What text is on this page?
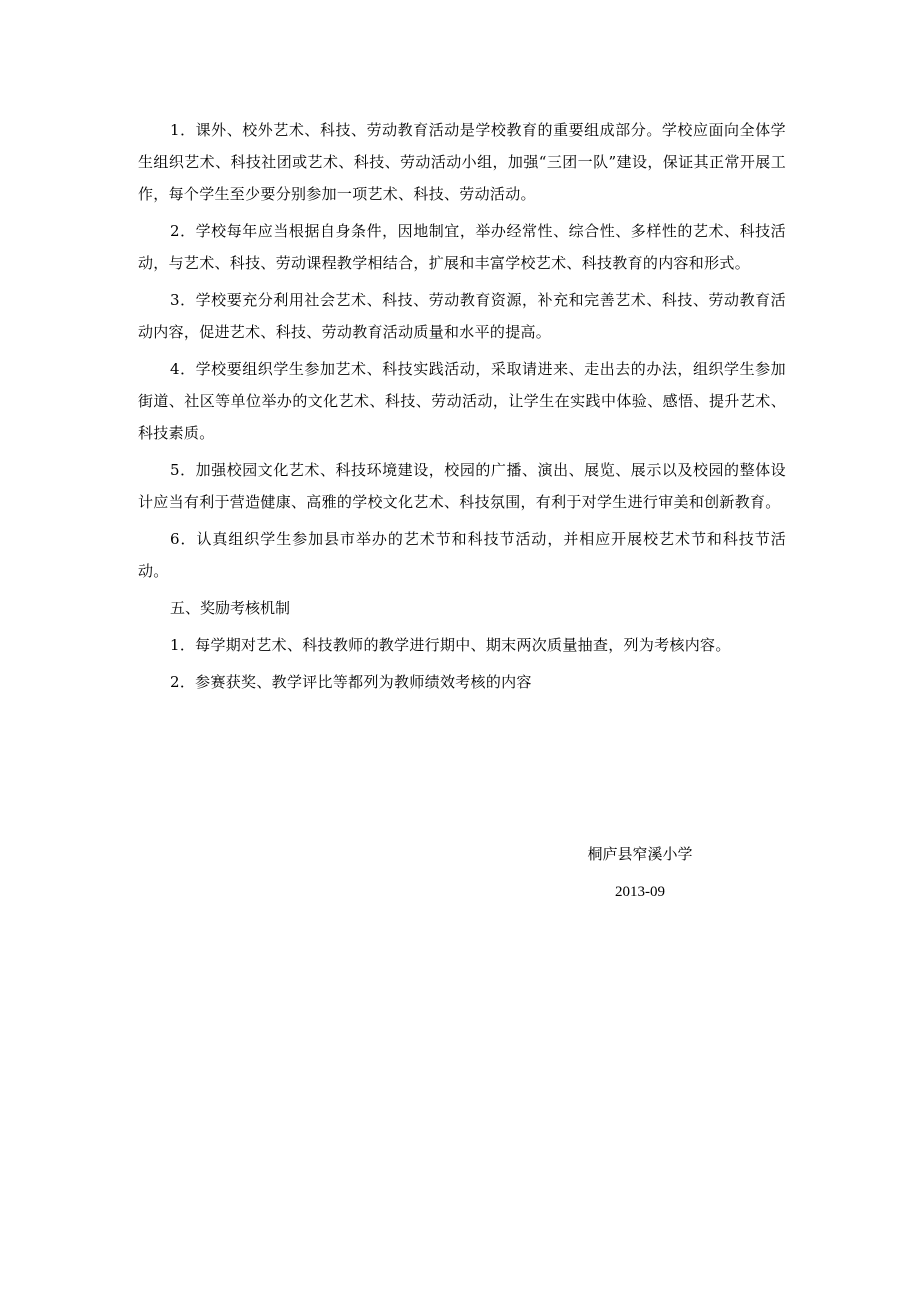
1．课外、校外艺术、科技、劳动教育活动是学校教育的重要组成部分。学校应面向全体学生组织艺术、科技社团或艺术、科技、劳动活动小组，加强“三团一队”建设，保证其正常开展工作，每个学生至少要分别参加一项艺术、科技、劳动活动。

2．学校每年应当根据自身条件，因地制宜，举办经常性、综合性、多样性的艺术、科技活动，与艺术、科技、劳动课程教学相结合，扩展和丰富学校艺术、科技教育的内容和形式。

3．学校要充分利用社会艺术、科技、劳动教育资源，补充和完善艺术、科技、劳动教育活动内容，促进艺术、科技、劳动教育活动质量和水平的提高。

4．学校要组织学生参加艺术、科技实践活动，采取请进来、走出去的办法，组织学生参加街道、社区等单位举办的文化艺术、科技、劳动活动，让学生在实践中体验、感悟、提升艺术、科技素质。

5．加强校园文化艺术、科技环境建设，校园的广播、演出、展览、展示以及校园的整体设计应当有利于营造健康、高雅的学校文化艺术、科技氛围，有利于对学生进行审美和创新教育。

6．认真组织学生参加县市举办的艺术节和科技节活动，并相应开展校艺术节和科技节活动。

五、奖励考核机制

1．每学期对艺术、科技教师的教学进行期中、期末两次质量抽查，列为考核内容。

2．参赛获奖、教学评比等都列为教师绩效考核的内容

桐庐县窄溪小学
2013-09
